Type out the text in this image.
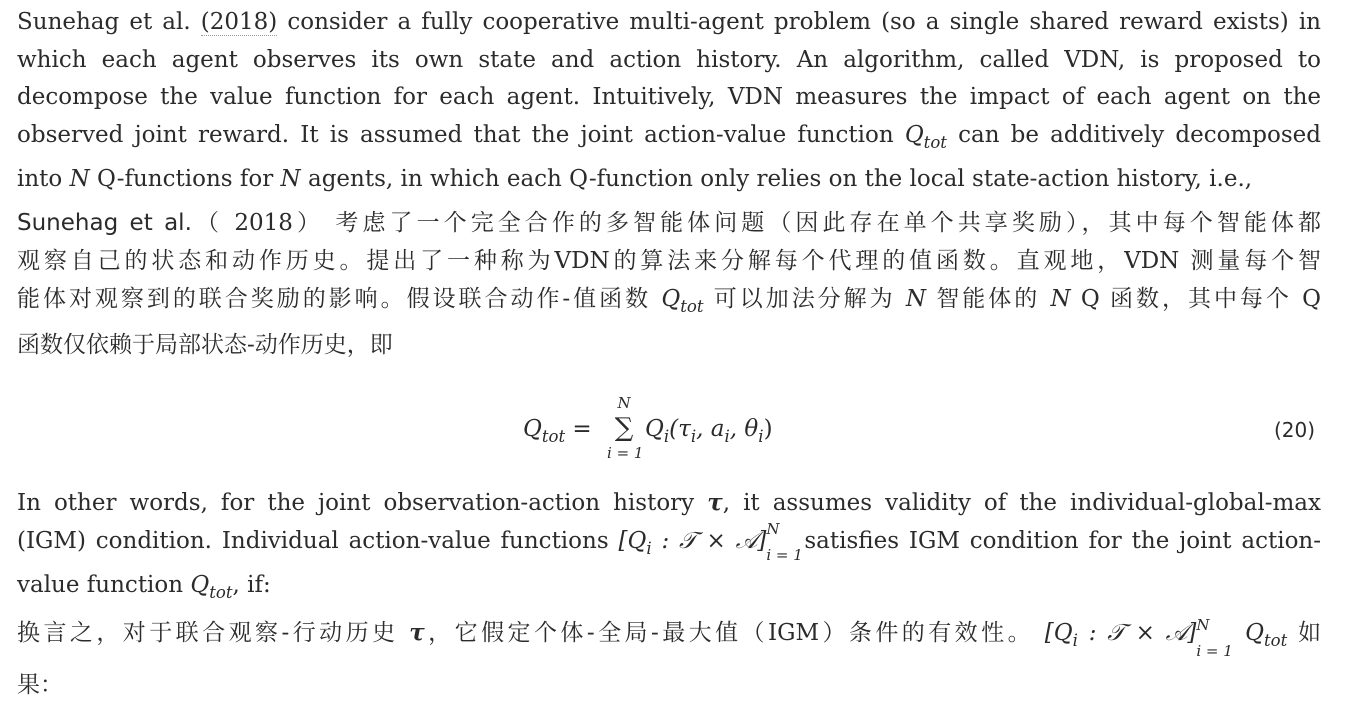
Sunehag et al. (2018) consider a fully cooperative multi-agent problem (so a single shared reward exists) in
which each agent observes its own state and action history. An algorithm, called VDN, is proposed to
decompose the value function for each agent. Intuitively, VDN measures the impact of each agent on the
observed joint reward. It is assumed that the joint action-value function $Q_{tot}$ can be additively decomposed
into N Q-functions for N agents, in which each Q-function only relies on the local state-action history, i.e.,
Sunehag et al.（ 2018） 考虑了一个完全合作的多智能体问题（因此存在单个共享奖励），其中每个智能体都
观察自己的状态和动作历史。提出了一种称为VDN的算法来分解每个代理的值函数。直观地，VDN 测量每个智
能体对观察到的联合奖励的影响。假设联合动作-值函数 $Q_{tot}$ 可以加法分解为 N 智能体的 N Q 函数，其中每个 Q
函数仅依赖于局部状态-动作历史，即
$Q_{tot}$ =
N
∑
i = 1
$Q_i(\tau_i$, $a_i$, $\theta_i$)	(20)
In other words, for the joint observation-action history τ, it assumes validity of the individual-global-max
(IGM) condition. Individual action-value functions [$Q_i$ : 𝒯 × 𝒜] N
i = 1
satisfies IGM condition for the joint action-
value function $Q_{tot}$, if:
换言之，对于联合观察-行动历史 τ，它假定个体-全局-最大值（IGM）条件的有效性。 [$Q_i$ : 𝒯 × 𝒜] N
i = 1
$Q_{tot}$ 如
果：
